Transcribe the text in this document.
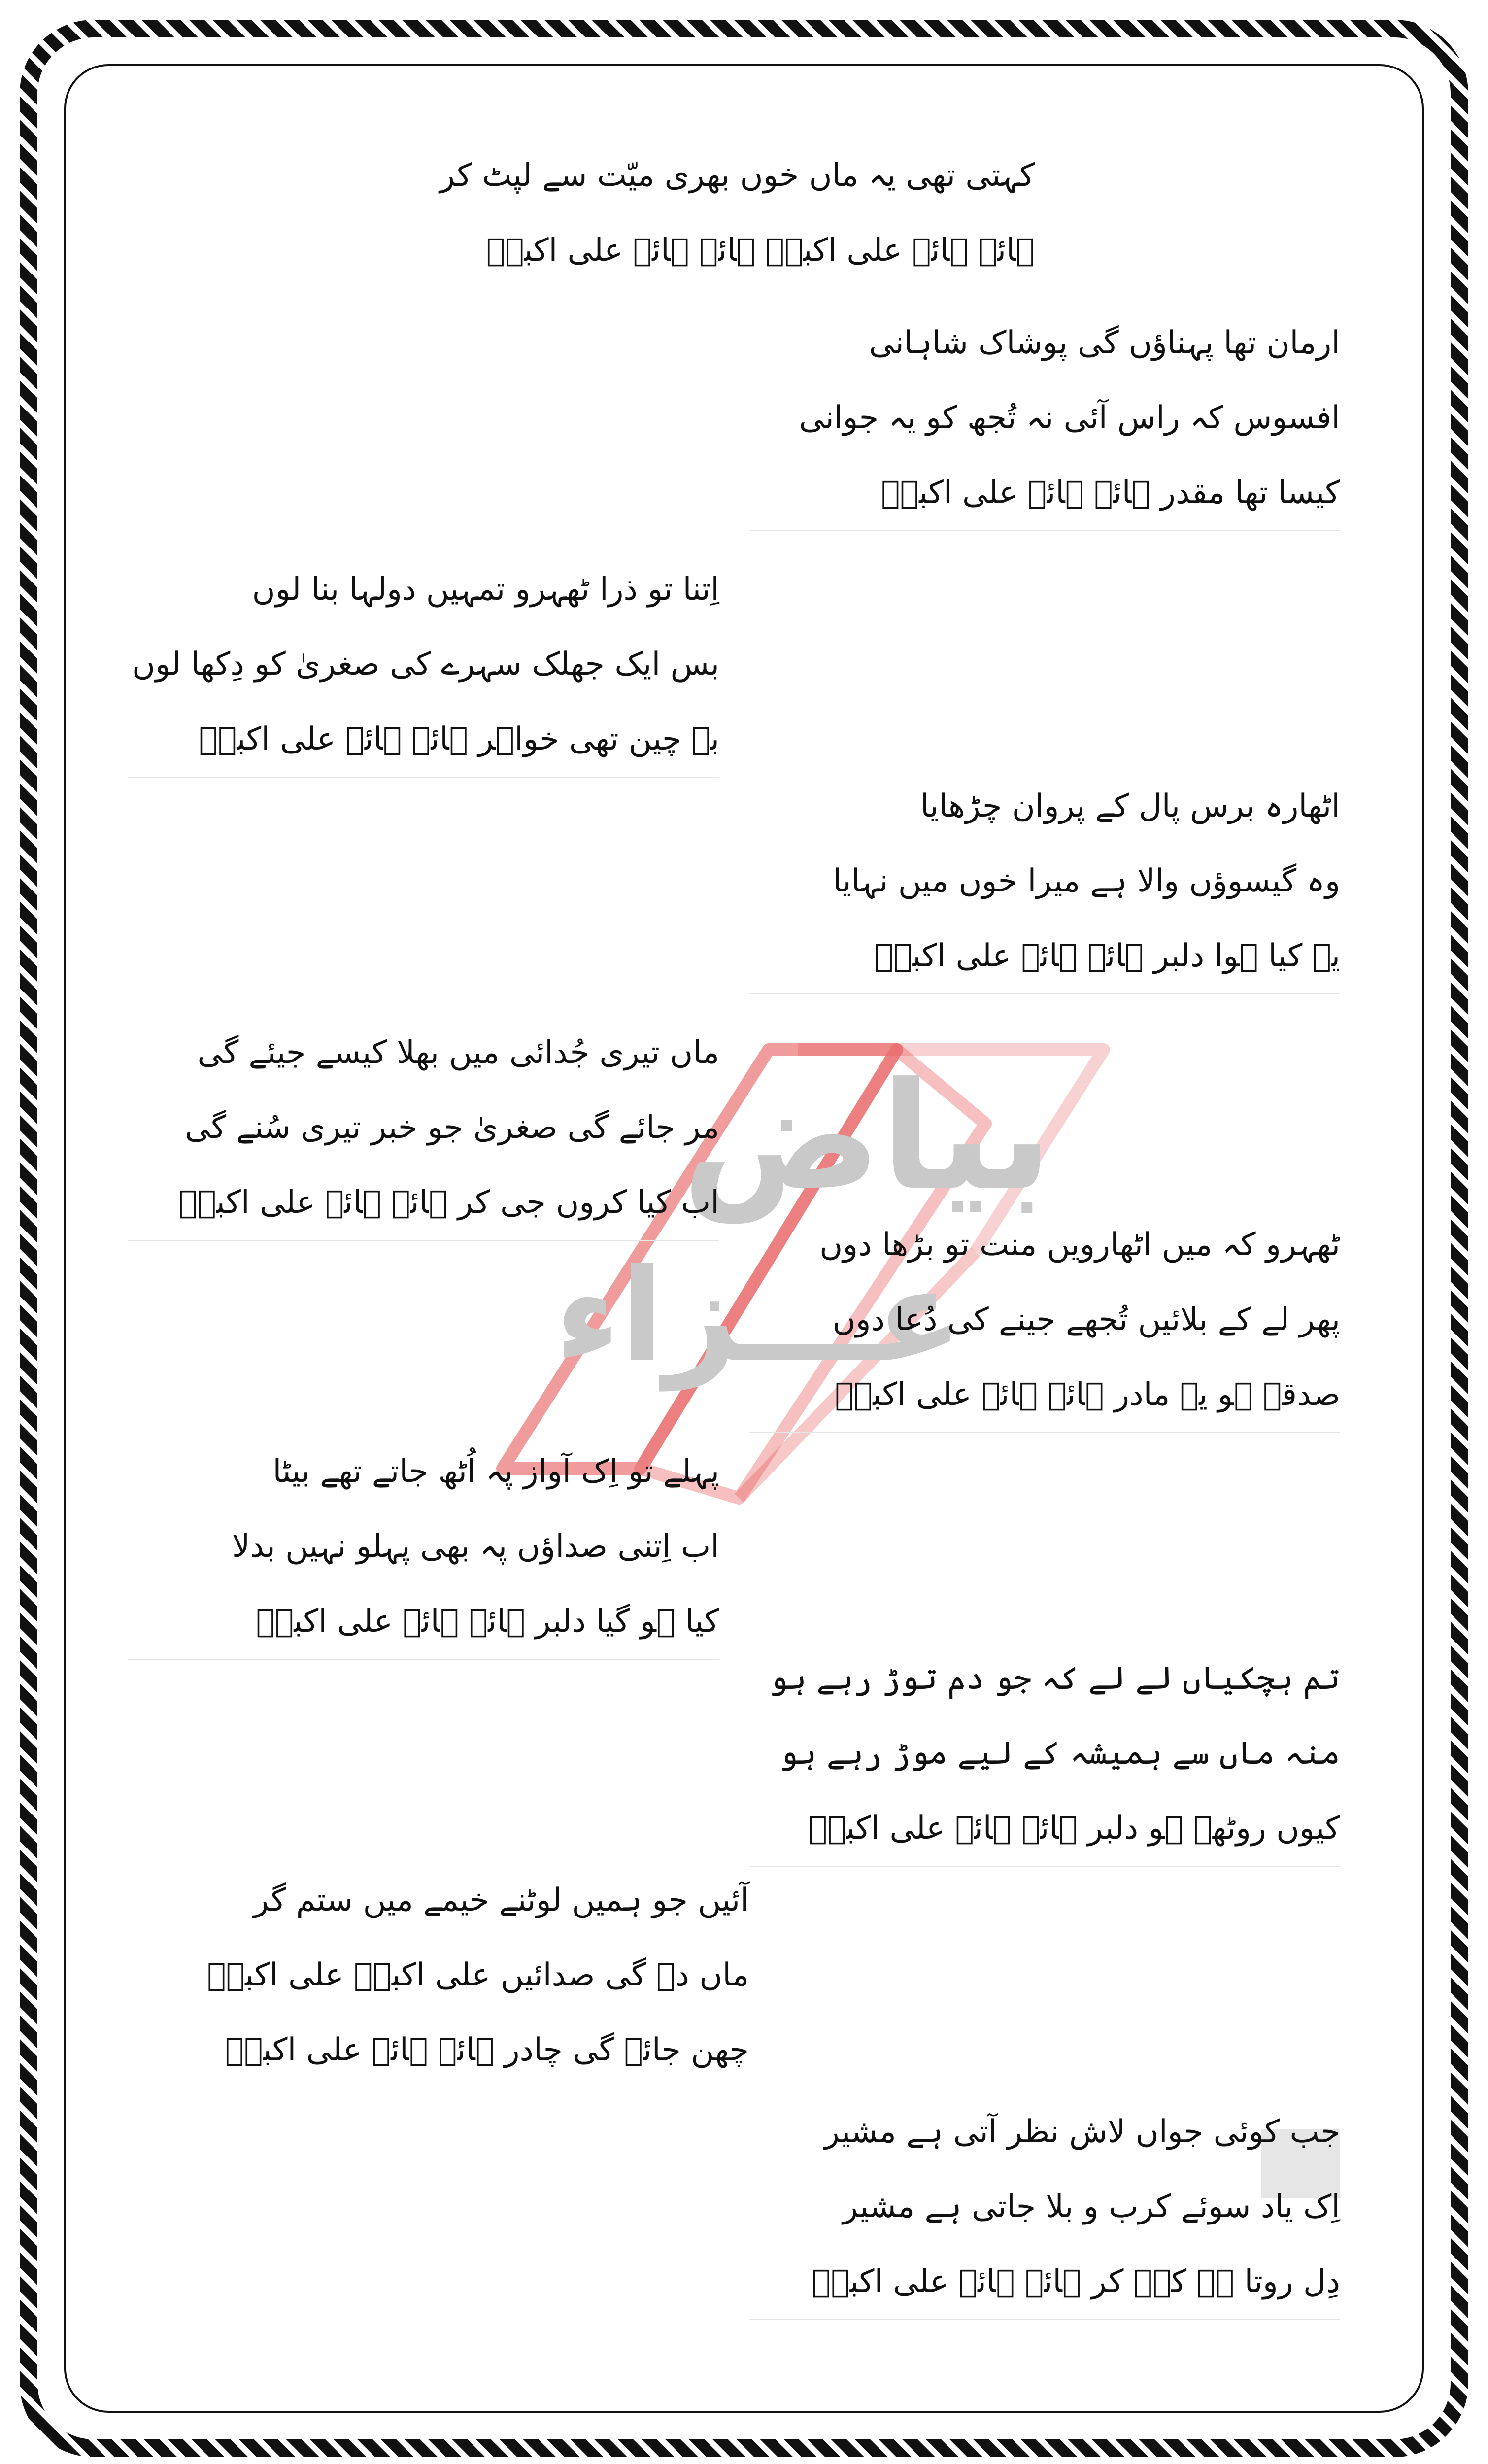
بیاض
عـــزاء
کہتی تھی یہ ماں خوں بھری میّت سے لپٹ کر
ہائے ہائے علی اکبرؑ ہائے ہائے علی اکبرؑ
ارمان تھا پہناؤں گی پوشاک شاہانی
افسوس کہ راس آئی نہ تُجھ کو یہ جوانی
کیسا تھا مقدر ہائے ہائے علی اکبرؑ
اِتنا تو ذرا ٹھہرو تمہیں دولہا بنا لوں
بس ایک جھلک سہرے کی صغریٰ کو دِکھا لوں
بے چین تھی خواہر ہائے ہائے علی اکبرؑ
اٹھارہ برس پال کے پروان چڑھایا
وہ گیسوؤں والا ہے میرا خوں میں نہایا
یہ کیا ہوا دلبر ہائے ہائے علی اکبرؑ
ماں تیری جُدائی میں بھلا کیسے جیئے گی
مر جائے گی صغریٰ جو خبر تیری سُنے گی
اب کیا کروں جی کر ہائے ہائے علی اکبرؑ
ٹھہرو کہ میں اٹھارویں منت تو بڑھا دوں
پھر لے کے بلائیں تُجھے جینے کی دُعا دوں
صدقے ہو یہ مادر ہائے ہائے علی اکبرؑ
پہلے تو اِک آواز پہ اُٹھ جاتے تھے بیٹا
اب اِتنی صداؤں پہ بھی پہلو نہیں بدلا
کیا ہو گیا دلبر ہائے ہائے علی اکبرؑ
تم ہچکیاں لے لے کہ جو دم توڑ رہے ہو
منہ ماں سے ہمیشہ کے لیے موڑ رہے ہو
کیوں روٹھے ہو دلبر ہائے ہائے علی اکبرؑ
آئیں جو ہمیں لوٹنے خیمے میں ستم گر
ماں دے گی صدائیں علی اکبرؑ علی اکبرؑ
چھن جائے گی چادر ہائے ہائے علی اکبرؑ
جب کوئی جواں لاش نظر آتی ہے مشیر
اِک یاد سوئے کرب و بلا جاتی ہے مشیر
دِل روتا ہے کہہ کر ہائے ہائے علی اکبرؑ
